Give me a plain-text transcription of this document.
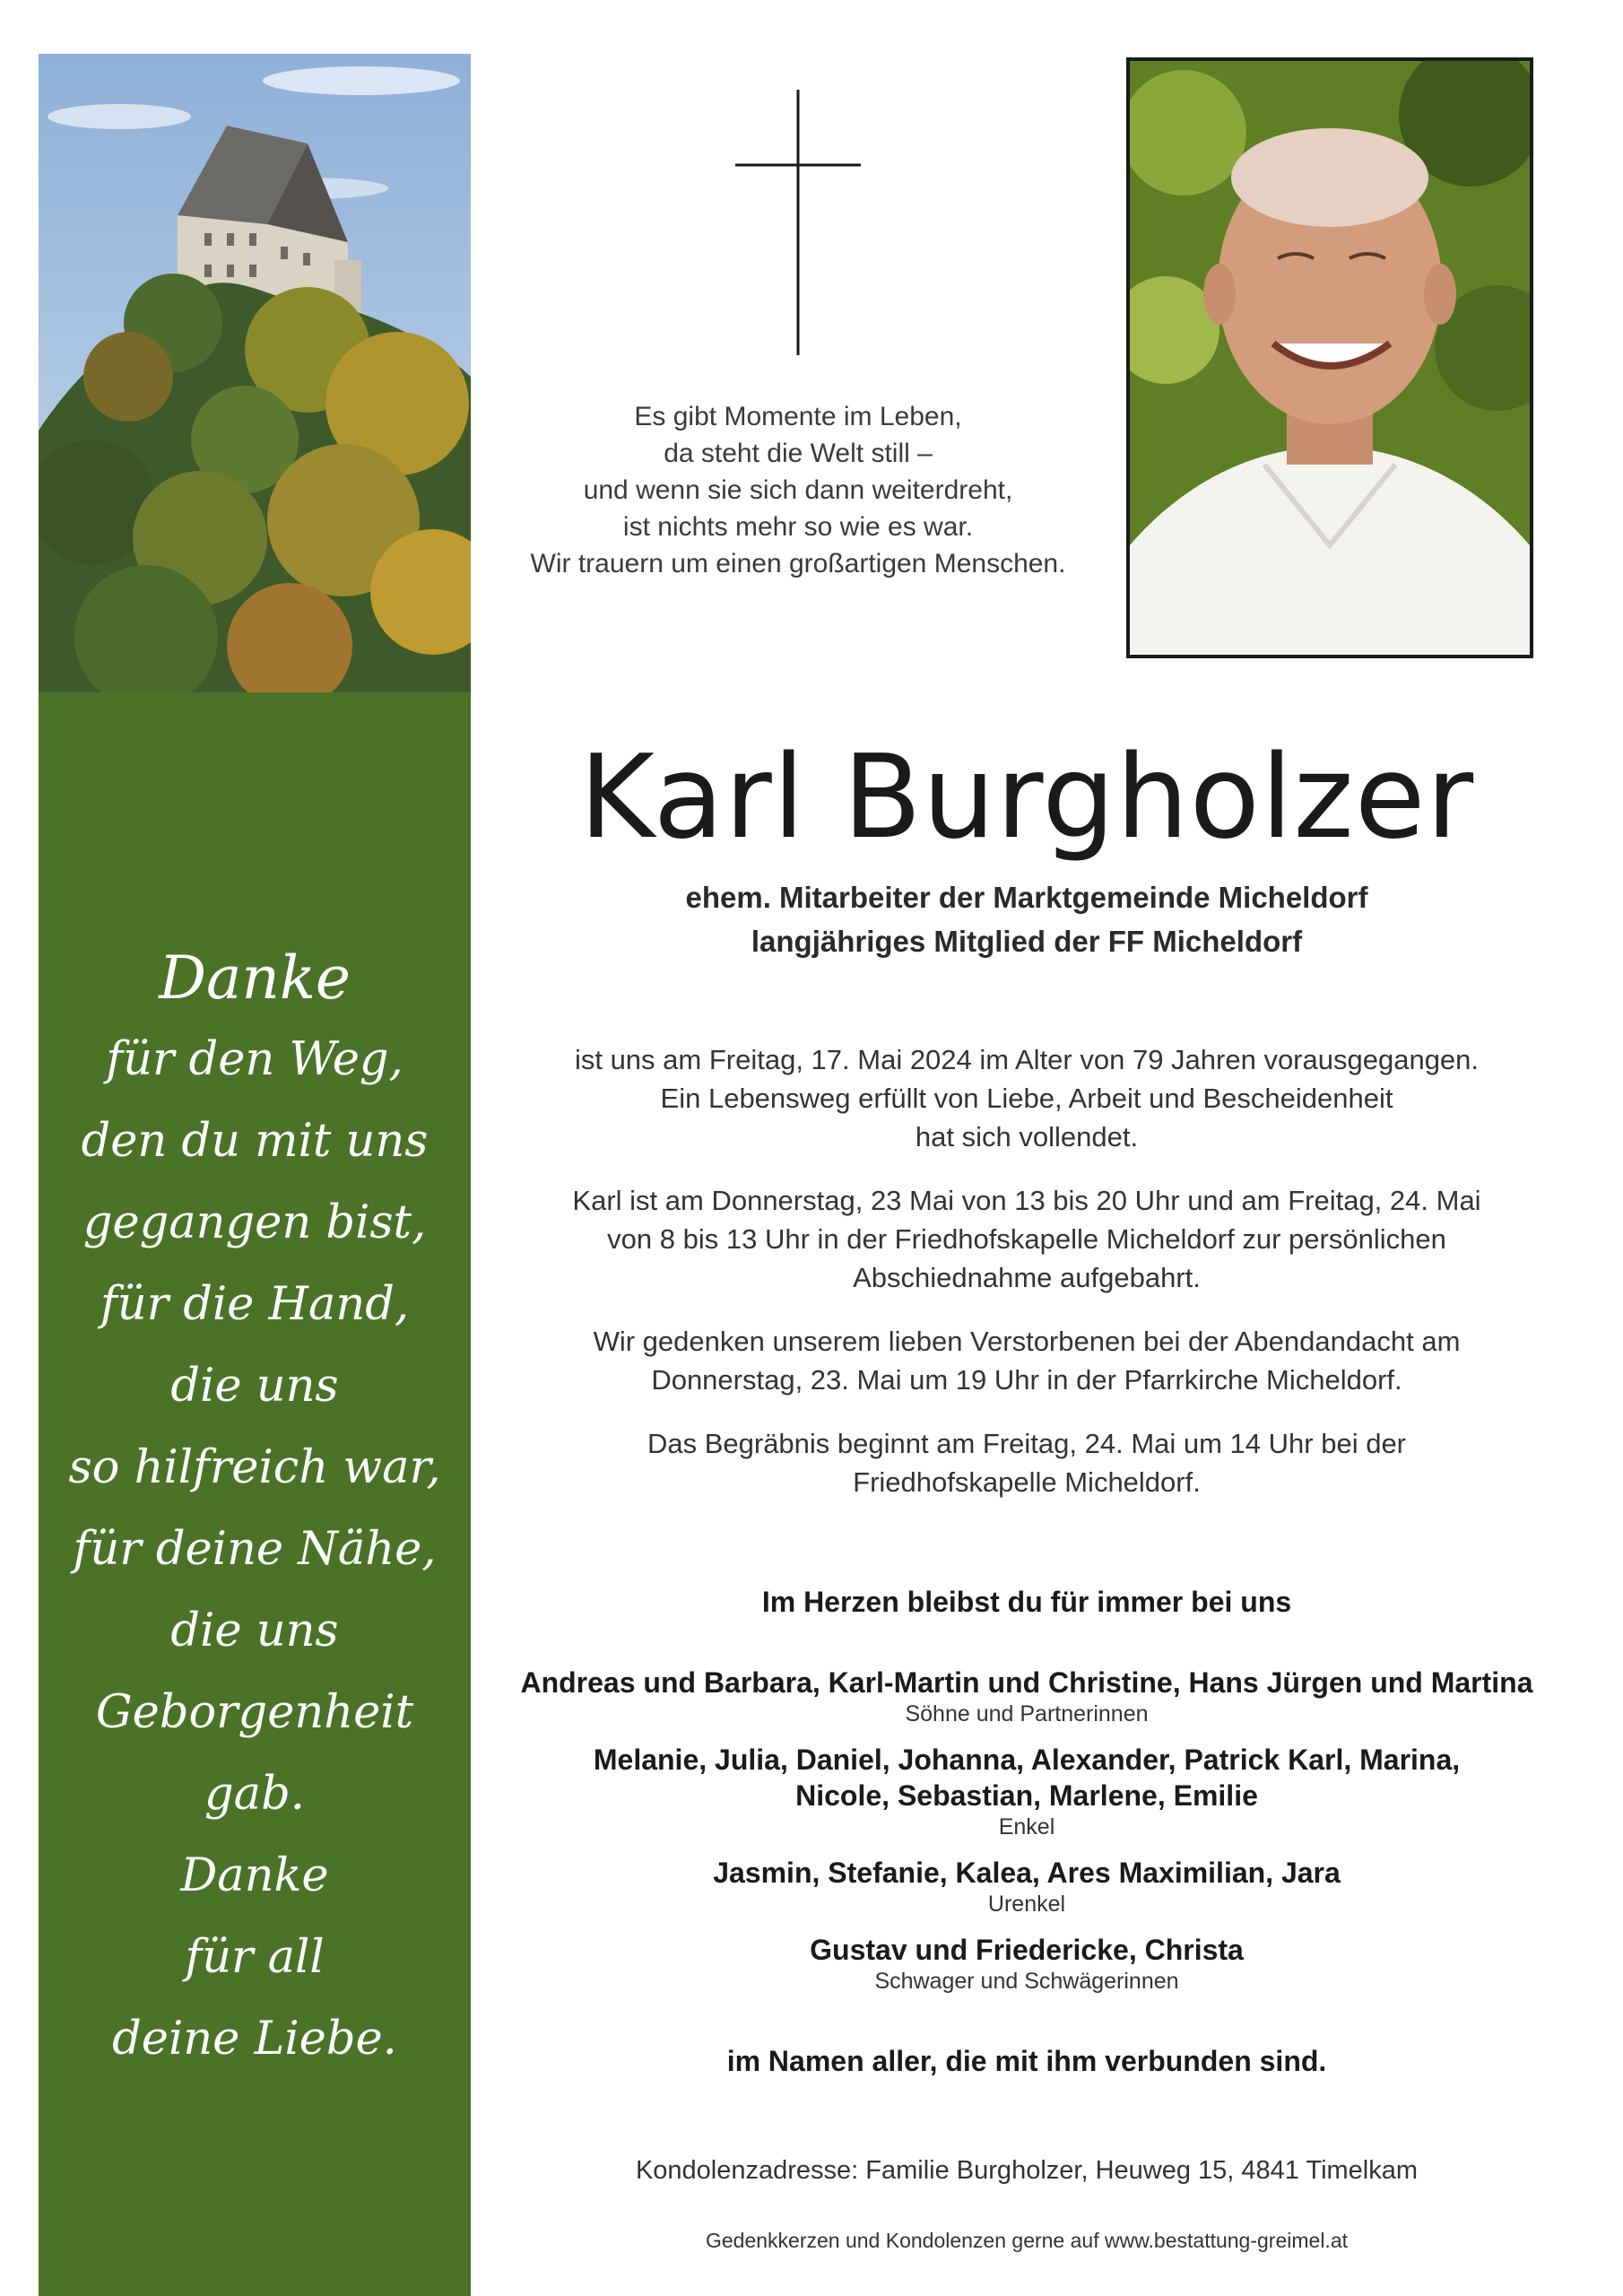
Danke
für den Weg,
den du mit uns
gegangen bist,
für die Hand,
die uns
so hilfreich war,
für deine Nähe,
die uns
Geborgenheit gab.
Danke
für all
deine Liebe.
Es gibt Momente im Leben,
da steht die Welt still –
und wenn sie sich dann weiterdreht,
ist nichts mehr so wie es war.
Wir trauern um einen großartigen Menschen.
Karl Burgholzer
ehem. Mitarbeiter der Marktgemeinde Micheldorf
langjähriges Mitglied der FF Micheldorf

ist uns am Freitag, 17. Mai 2024 im Alter von 79 Jahren vorausgegangen.
Ein Lebensweg erfüllt von Liebe, Arbeit und Bescheidenheit
hat sich vollendet.

Karl ist am Donnerstag, 23 Mai von 13 bis 20 Uhr und am Freitag, 24. Mai
von 8 bis 13 Uhr in der Friedhofskapelle Micheldorf zur persönlichen
Abschiednahme aufgebahrt.

Wir gedenken unserem lieben Verstorbenen bei der Abendandacht am
Donnerstag, 23. Mai um 19 Uhr in der Pfarrkirche Micheldorf.

Das Begräbnis beginnt am Freitag, 24. Mai um 14 Uhr bei der
Friedhofskapelle Micheldorf.

Im Herzen bleibst du für immer bei uns
Andreas und Barbara, Karl-Martin und Christine, Hans Jürgen und Martina
Söhne und Partnerinnen
Melanie, Julia, Daniel, Johanna, Alexander, Patrick Karl, Marina,
Nicole, Sebastian, Marlene, Emilie
Enkel
Jasmin, Stefanie, Kalea, Ares Maximilian, Jara
Urenkel
Gustav und Friedericke, Christa
Schwager und Schwägerinnen
im Namen aller, die mit ihm verbunden sind.
Kondolenzadresse: Familie Burgholzer, Heuweg 15, 4841 Timelkam
Gedenkkerzen und Kondolenzen gerne auf www.bestattung-greimel.at
